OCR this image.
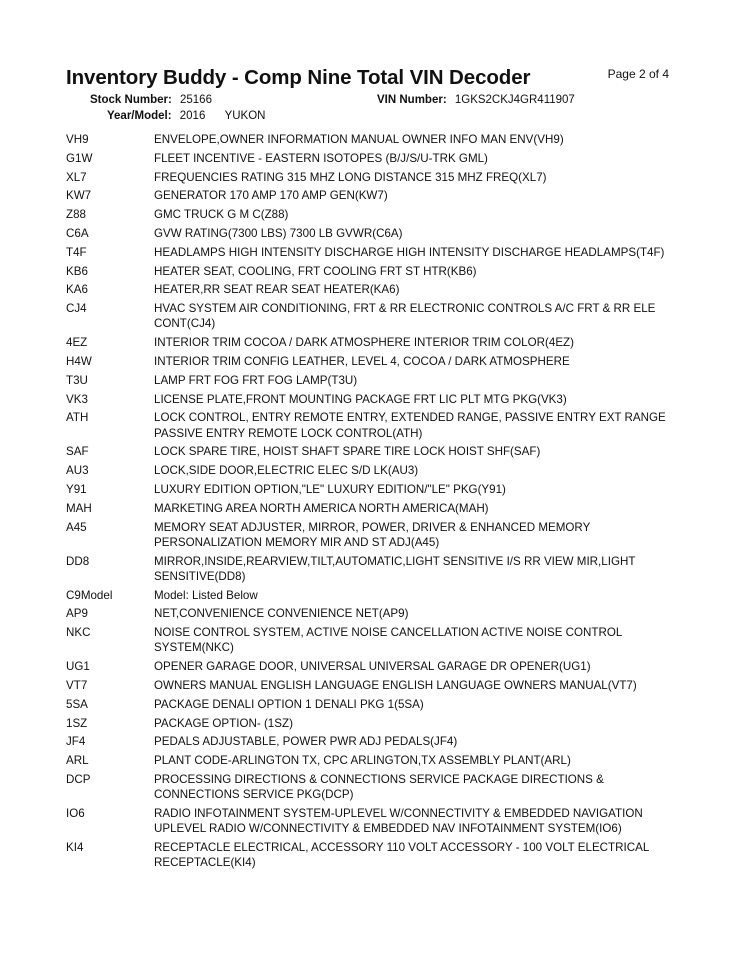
Inventory Buddy - Comp Nine Total VIN Decoder	Page 2 of 4
Stock Number: 25166	VIN Number: 1GKS2CKJ4GR411907
Year/Model: 2016 YUKON
VH9	ENVELOPE,OWNER INFORMATION MANUAL OWNER INFO MAN ENV(VH9)
G1W	FLEET INCENTIVE - EASTERN ISOTOPES (B/J/S/U-TRK GML)
XL7	FREQUENCIES RATING 315 MHZ LONG DISTANCE 315 MHZ FREQ(XL7)
KW7	GENERATOR 170 AMP 170 AMP GEN(KW7)
Z88	GMC TRUCK G M C(Z88)
C6A	GVW RATING(7300 LBS) 7300 LB GVWR(C6A)
T4F	HEADLAMPS HIGH INTENSITY DISCHARGE HIGH INTENSITY DISCHARGE HEADLAMPS(T4F)
KB6	HEATER SEAT, COOLING, FRT COOLING FRT ST HTR(KB6)
KA6	HEATER,RR SEAT REAR SEAT HEATER(KA6)
CJ4	HVAC SYSTEM AIR CONDITIONING, FRT & RR ELECTRONIC CONTROLS A/C FRT & RR ELE CONT(CJ4)
4EZ	INTERIOR TRIM COCOA / DARK ATMOSPHERE INTERIOR TRIM COLOR(4EZ)
H4W	INTERIOR TRIM CONFIG LEATHER, LEVEL 4, COCOA / DARK ATMOSPHERE
T3U	LAMP FRT FOG FRT FOG LAMP(T3U)
VK3	LICENSE PLATE,FRONT MOUNTING PACKAGE FRT LIC PLT MTG PKG(VK3)
ATH	LOCK CONTROL, ENTRY REMOTE ENTRY, EXTENDED RANGE, PASSIVE ENTRY EXT RANGE PASSIVE ENTRY REMOTE LOCK CONTROL(ATH)
SAF	LOCK SPARE TIRE, HOIST SHAFT SPARE TIRE LOCK HOIST SHF(SAF)
AU3	LOCK,SIDE DOOR,ELECTRIC ELEC S/D LK(AU3)
Y91	LUXURY EDITION OPTION,"LE" LUXURY EDITION/"LE" PKG(Y91)
MAH	MARKETING AREA NORTH AMERICA NORTH AMERICA(MAH)
A45	MEMORY SEAT ADJUSTER, MIRROR, POWER, DRIVER & ENHANCED MEMORY PERSONALIZATION MEMORY MIR AND ST ADJ(A45)
DD8	MIRROR,INSIDE,REARVIEW,TILT,AUTOMATIC,LIGHT SENSITIVE I/S RR VIEW MIR,LIGHT SENSITIVE(DD8)
C9Model	Model: Listed Below
AP9	NET,CONVENIENCE CONVENIENCE NET(AP9)
NKC	NOISE CONTROL SYSTEM, ACTIVE NOISE CANCELLATION ACTIVE NOISE CONTROL SYSTEM(NKC)
UG1	OPENER GARAGE DOOR, UNIVERSAL UNIVERSAL GARAGE DR OPENER(UG1)
VT7	OWNERS MANUAL ENGLISH LANGUAGE ENGLISH LANGUAGE OWNERS MANUAL(VT7)
5SA	PACKAGE DENALI OPTION 1 DENALI PKG 1(5SA)
1SZ	PACKAGE OPTION- (1SZ)
JF4	PEDALS ADJUSTABLE, POWER PWR ADJ PEDALS(JF4)
ARL	PLANT CODE-ARLINGTON TX, CPC ARLINGTON,TX ASSEMBLY PLANT(ARL)
DCP	PROCESSING DIRECTIONS & CONNECTIONS SERVICE PACKAGE DIRECTIONS & CONNECTIONS SERVICE PKG(DCP)
IO6	RADIO INFOTAINMENT SYSTEM-UPLEVEL W/CONNECTIVITY & EMBEDDED NAVIGATION UPLEVEL RADIO W/CONNECTIVITY & EMBEDDED NAV INFOTAINMENT SYSTEM(IO6)
KI4	RECEPTACLE ELECTRICAL, ACCESSORY 110 VOLT ACCESSORY - 100 VOLT ELECTRICAL RECEPTACLE(KI4)
